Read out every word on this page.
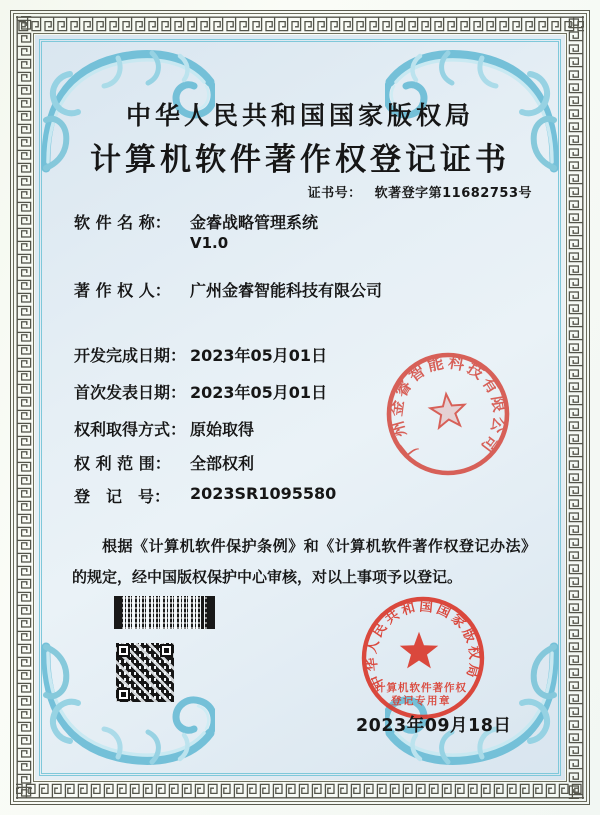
中华人民共和国国家版权局
计算机软件著作权登记证书
证书号： 软著登字第11682753号
软 件 名 称： 金睿战略管理系统
V1.0
著 作 权 人： 广州金睿智能科技有限公司
开发完成日期： 2023年05月01日
首次发表日期： 2023年05月01日
权利取得方式： 原始取得
权 利 范 围： 全部权利
登　记　号： 2023SR1095580

根据《计算机软件保护条例》和《计算机软件著作权登记办法》的规定，经中国版权保护中心审核，对以上事项予以登记。

广州金睿智能科技有限公司
中华人民共和国国家版权局
计算机软件著作权
登记专用章
2023年09月18日
